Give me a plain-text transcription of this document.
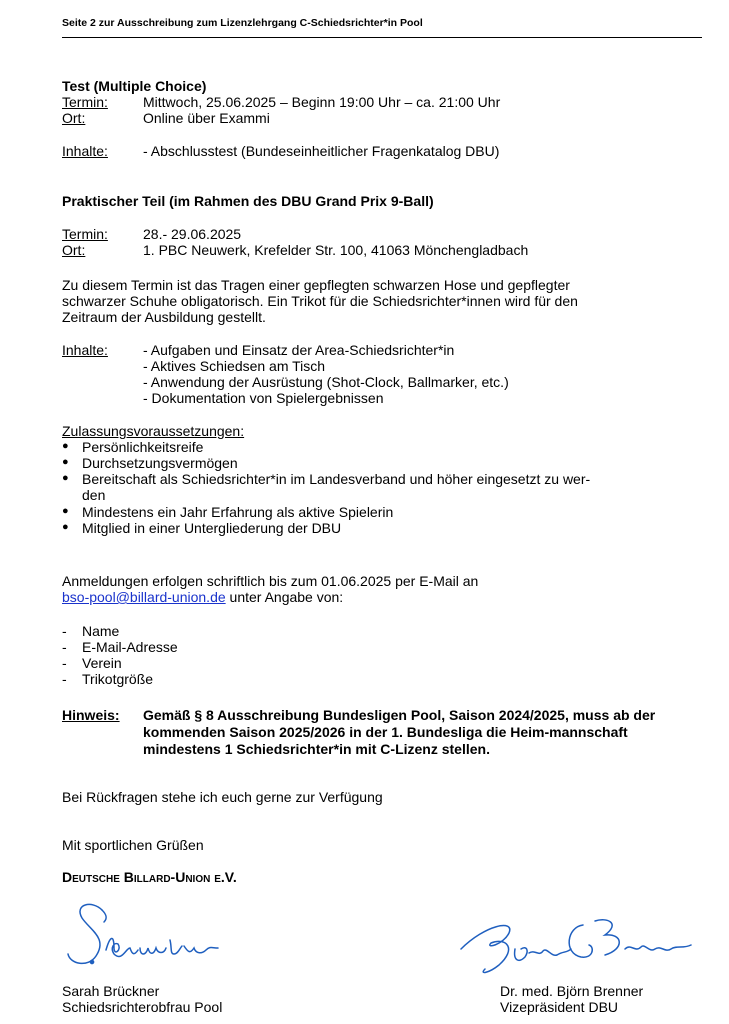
Seite 2 zur Ausschreibung zum Lizenzlehrgang C-Schiedsrichter*in Pool
Test (Multiple Choice)
Termin:	Mittwoch, 25.06.2025 – Beginn 19:00 Uhr – ca. 21:00 Uhr
Ort:	Online über Exammi
Inhalte:	- Abschlusstest (Bundeseinheitlicher Fragenkatalog DBU)
Praktischer Teil (im Rahmen des DBU Grand Prix 9-Ball)
Termin:	28.- 29.06.2025
Ort:	1. PBC Neuwerk, Krefelder Str. 100, 41063 Mönchengladbach
Zu diesem Termin ist das Tragen einer gepflegten schwarzen Hose und gepflegter
schwarzer Schuhe obligatorisch. Ein Trikot für die Schiedsrichter*innen wird für den
Zeitraum der Ausbildung gestellt.
Inhalte:	- Aufgaben und Einsatz der Area-Schiedsrichter*in
- Aktives Schiedsen am Tisch
- Anwendung der Ausrüstung (Shot-Clock, Ballmarker, etc.)
- Dokumentation von Spielergebnissen
Zulassungsvoraussetzungen:
● Persönlichkeitsreife
● Durchsetzungsvermögen
● Bereitschaft als Schiedsrichter*in im Landesverband und höher eingesetzt zu wer-
den
● Mindestens ein Jahr Erfahrung als aktive Spielerin
● Mitglied in einer Untergliederung der DBU
Anmeldungen erfolgen schriftlich bis zum 01.06.2025 per E-Mail an
bso-pool@billard-union.de unter Angabe von:
- Name
- E-Mail-Adresse
- Verein
- Trikotgröße
Hinweis: Gemäß § 8 Ausschreibung Bundesligen Pool, Saison 2024/2025, muss ab der kommenden Saison 2025/2026 in der 1. Bundesliga die Heim-mannschaft mindestens 1 Schiedsrichter*in mit C-Lizenz stellen.
Bei Rückfragen stehe ich euch gerne zur Verfügung
Mit sportlichen Grüßen
Deutsche Billard-Union e.V.
Sarah Brückner
Schiedsrichterobfrau Pool
Dr. med. Björn Brenner
Vizepräsident DBU
